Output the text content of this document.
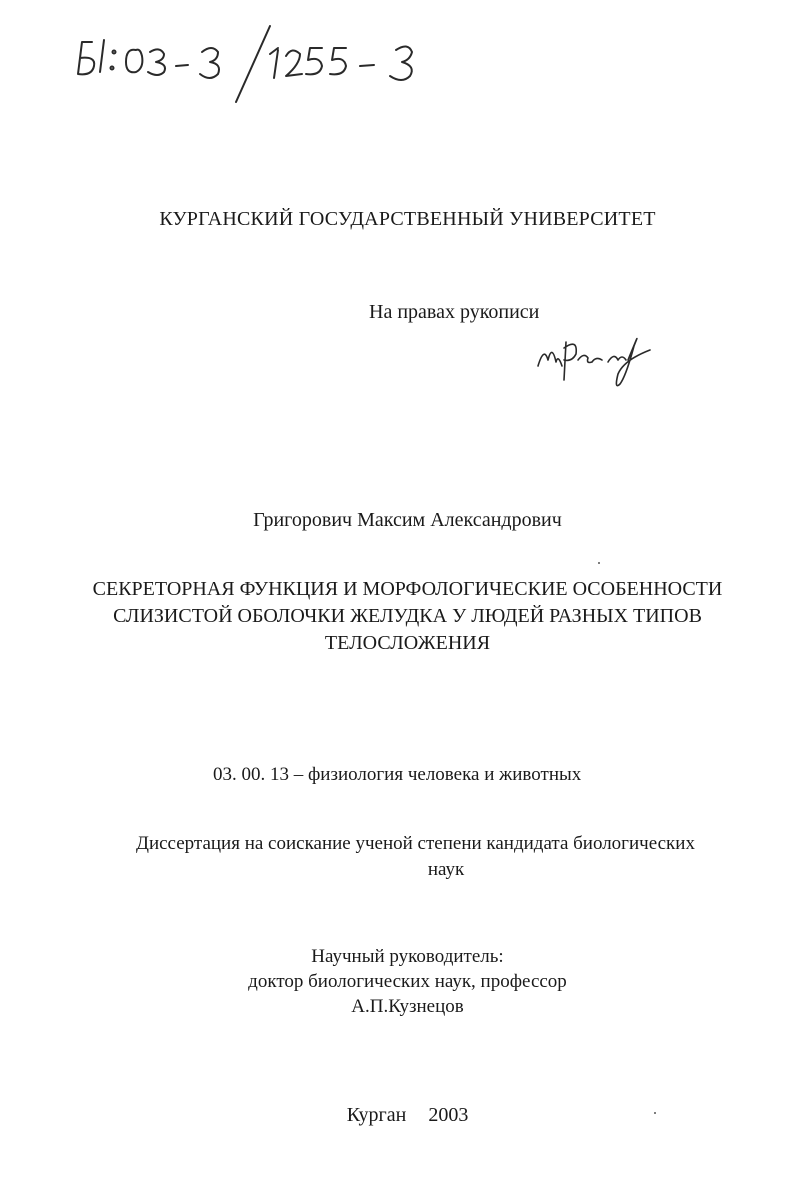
КУРГАНСКИЙ ГОСУДАРСТВЕННЫЙ УНИВЕРСИТЕТ
На правах рукописи
Григорович Максим Александрович
СЕКРЕТОРНАЯ ФУНКЦИЯ И МОРФОЛОГИЧЕСКИЕ ОСОБЕННОСТИ
СЛИЗИСТОЙ ОБОЛОЧКИ ЖЕЛУДКА У ЛЮДЕЙ РАЗНЫХ ТИПОВ
ТЕЛОСЛОЖЕНИЯ
03. 00. 13 – физиология человека и животных
Диссертация на соискание ученой степени кандидата биологических
наук
Научный руководитель:
доктор биологических наук, профессор
А.П.Кузнецов
Курган 2003
